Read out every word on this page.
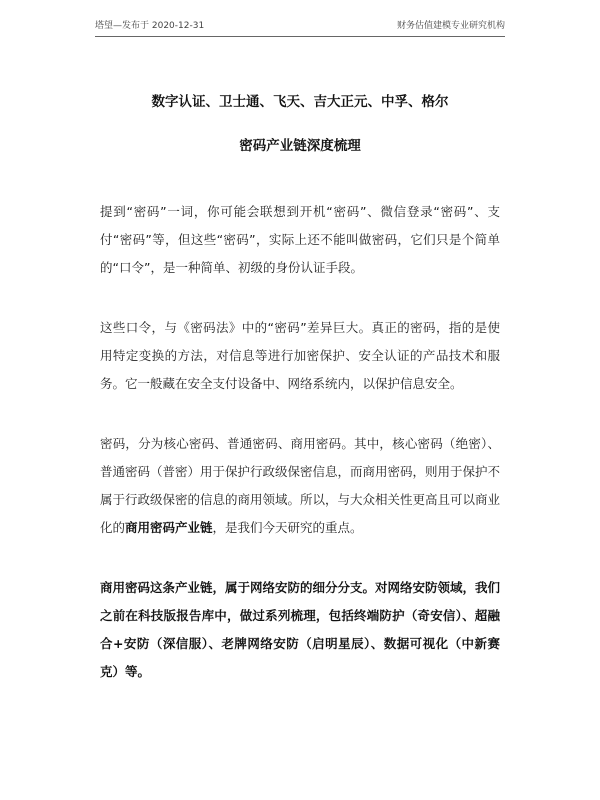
塔望—发布于 2020-12-31	财务估值建模专业研究机构
数字认证、卫士通、飞天、吉大正元、中孚、格尔
密码产业链深度梳理

提到“密码”一词，你可能会联想到开机“密码”、微信登录“密码”、支付“密码”等，但这些“密码”，实际上还不能叫做密码，它们只是个简单的“口令”，是一种简单、初级的身份认证手段。

这些口令，与《密码法》中的“密码”差异巨大。真正的密码，指的是使用特定变换的方法，对信息等进行加密保护、安全认证的产品技术和服务。它一般藏在安全支付设备中、网络系统内，以保护信息安全。

密码，分为核心密码、普通密码、商用密码。其中，核心密码（绝密）、普通密码（普密）用于保护行政级保密信息，而商用密码，则用于保护不属于行政级保密的信息的商用领域。所以，与大众相关性更高且可以商业化的商用密码产业链，是我们今天研究的重点。

商用密码这条产业链，属于网络安防的细分分支。对网络安防领域，我们之前在科技版报告库中，做过系列梳理，包括终端防护（奇安信）、超融合+安防（深信服）、老牌网络安防（启明星辰）、数据可视化（中新赛克）等。
